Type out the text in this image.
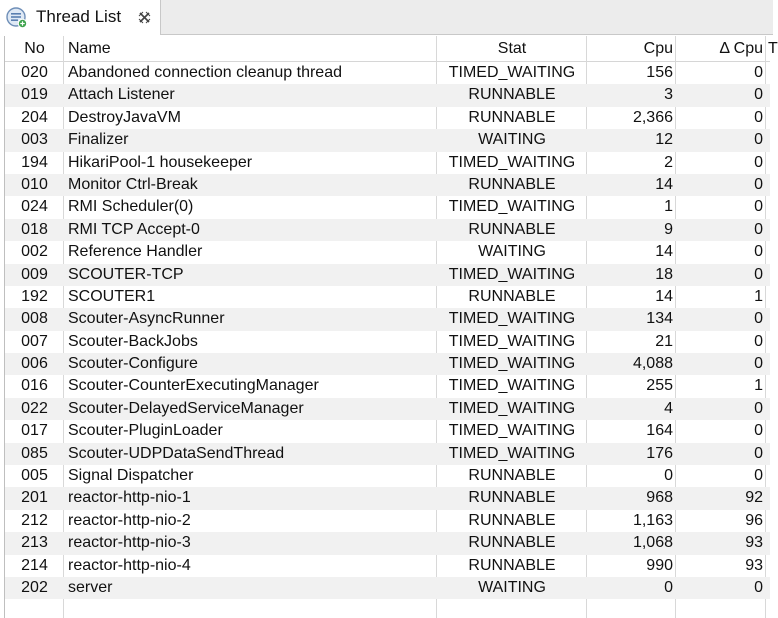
Thread List
No	Name	Stat	Cpu	Δ Cpu T
020	Abandoned connection cleanup thread	TIMED_WAITING	156	0
019	Attach Listener	RUNNABLE	3	0
204	DestroyJavaVM	RUNNABLE	2,366	0
003	Finalizer	WAITING	12	0
194	HikariPool-1 housekeeper	TIMED_WAITING	2	0
010	Monitor Ctrl-Break	RUNNABLE	14	0
024	RMI Scheduler(0)	TIMED_WAITING	1	0
018	RMI TCP Accept-0	RUNNABLE	9	0
002	Reference Handler	WAITING	14	0
009	SCOUTER-TCP	TIMED_WAITING	18	0
192	SCOUTER1	RUNNABLE	14	1
008	Scouter-AsyncRunner	TIMED_WAITING	134	0
007	Scouter-BackJobs	TIMED_WAITING	21	0
006	Scouter-Configure	TIMED_WAITING	4,088	0
016	Scouter-CounterExecutingManager	TIMED_WAITING	255	1
022	Scouter-DelayedServiceManager	TIMED_WAITING	4	0
017	Scouter-PluginLoader	TIMED_WAITING	164	0
085	Scouter-UDPDataSendThread	TIMED_WAITING	176	0
005	Signal Dispatcher	RUNNABLE	0	0
201	reactor-http-nio-1	RUNNABLE	968	92
212	reactor-http-nio-2	RUNNABLE	1,163	96
213	reactor-http-nio-3	RUNNABLE	1,068	93
214	reactor-http-nio-4	RUNNABLE	990	93
202	server	WAITING	0	0
